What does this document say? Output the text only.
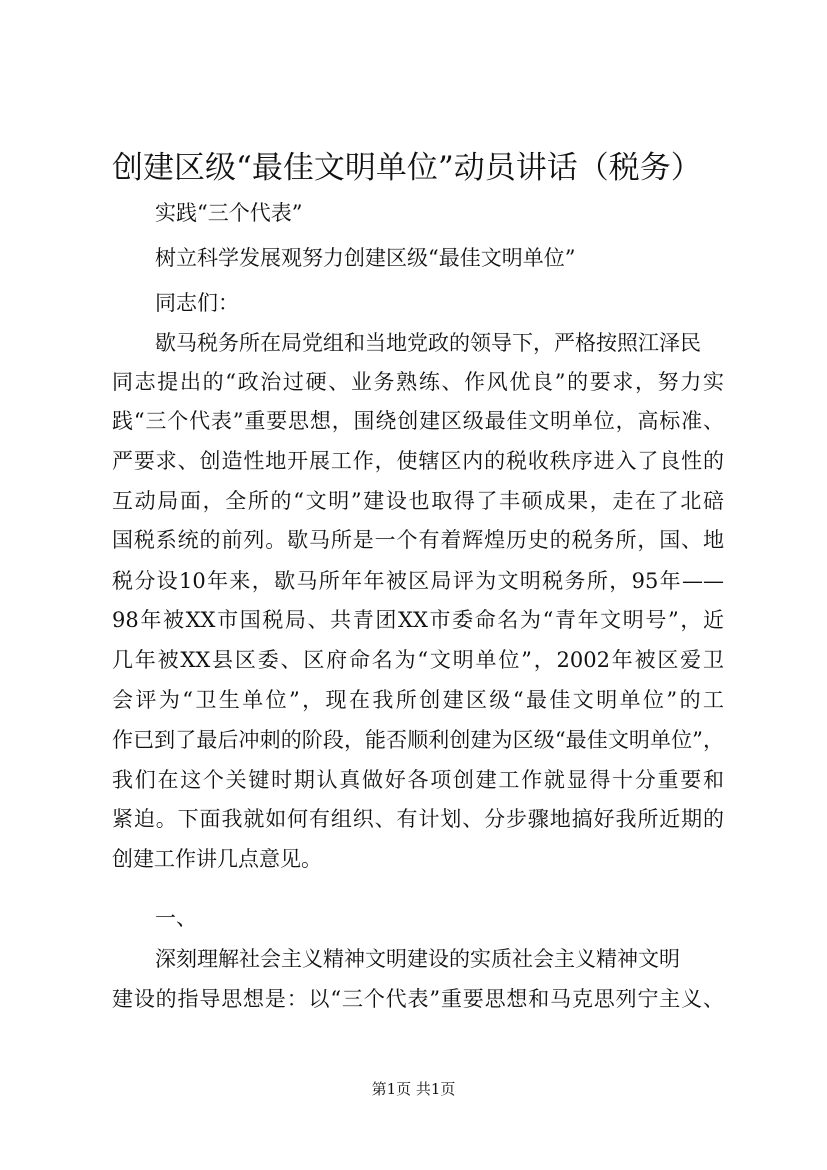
创建区级“最佳文明单位”动员讲话（税务）

实践“三个代表”

树立科学发展观努力创建区级“最佳文明单位”

同志们：

歇马税务所在局党组和当地党政的领导下，严格按照江泽民

同志提出的“政治过硬、业务熟练、作风优良”的要求，努力实

践“三个代表”重要思想，围绕创建区级最佳文明单位，高标准、

严要求、创造性地开展工作，使辖区内的税收秩序进入了良性的

互动局面，全所的“文明”建设也取得了丰硕成果，走在了北碚

国税系统的前列。歇马所是一个有着辉煌历史的税务所，国、地

税分设10年来，歇马所年年被区局评为文明税务所，95年——

98年被XX市国税局、共青团XX市委命名为“青年文明号”，近

几年被XX县区委、区府命名为“文明单位”，2002年被区爱卫

会评为“卫生单位”，现在我所创建区级“最佳文明单位”的工

作已到了最后冲刺的阶段，能否顺利创建为区级“最佳文明单位”，

我们在这个关键时期认真做好各项创建工作就显得十分重要和

紧迫。下面我就如何有组织、有计划、分步骤地搞好我所近期的

创建工作讲几点意见。

一、

深刻理解社会主义精神文明建设的实质社会主义精神文明

建设的指导思想是：以“三个代表”重要思想和马克思列宁主义、

第1页 共1页
